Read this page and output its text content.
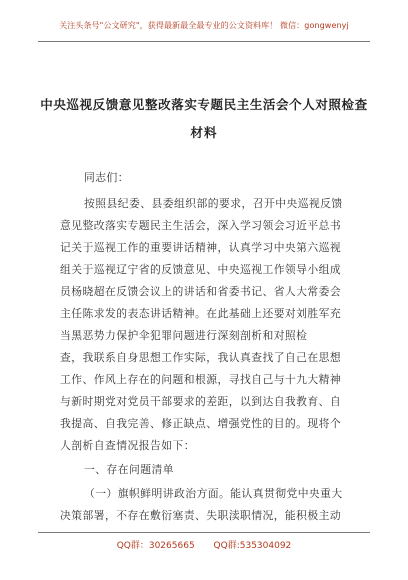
关注头条号"公文研究"，获得最新最全最专业的公文资料库！ 微信：gongwenyj
中央巡视反馈意见整改落实专题民主生活会个人对照检查
材料
同志们：
按照县纪委、县委组织部的要求，召开中央巡视反馈
意见整改落实专题民主生活会，深入学习领会习近平总书
记关于巡视工作的重要讲话精神，认真学习中央第六巡视
组关于巡视辽宁省的反馈意见、中央巡视工作领导小组成
员杨晓超在反馈会议上的讲话和省委书记、省人大常委会
主任陈求发的表态讲话精神。在此基础上还要对刘胜军充
当黑恶势力保护伞犯罪问题进行深刻剖析和对照检
查，我联系自身思想工作实际，我认真查找了自己在思想
工作、作风上存在的问题和根源，寻找自己与十九大精神
与新时期党对党员干部要求的差距，以到达自我教育、自
我提高、自我完善、修正缺点、增强党性的目的。现将个
人剖析自查情况报告如下：
一、存在问题清单
（一）旗帜鲜明讲政治方面。能认真贯彻党中央重大
决策部署，不存在敷衍塞责、失职渎职情况，能积极主动
QQ群：30265665 QQ群:535304092
